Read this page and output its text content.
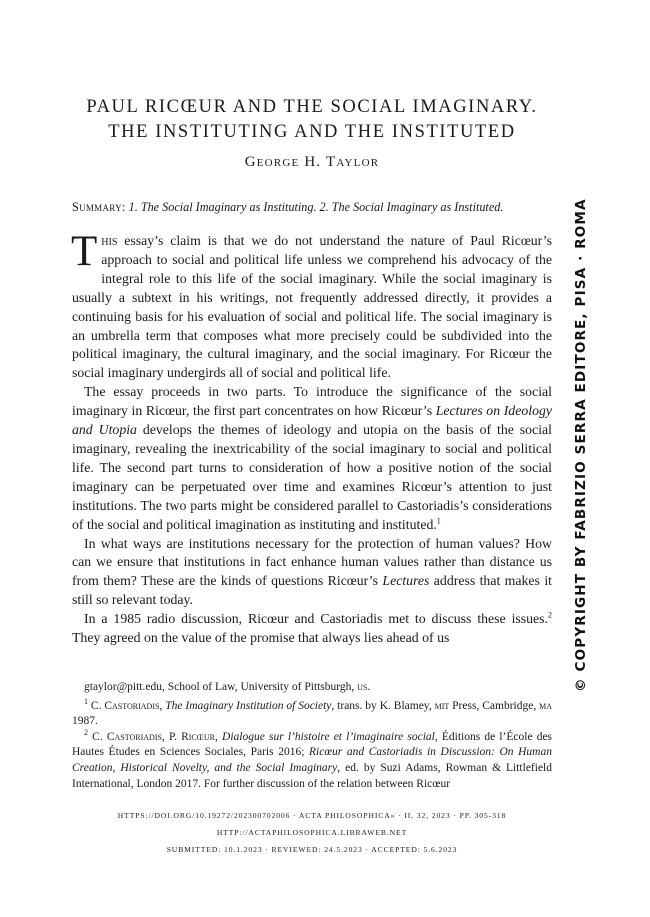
PAUL RICŒUR AND THE SOCIAL IMAGINARY.
THE INSTITUTING AND THE INSTITUTED
George H. Taylor
Summary: 1. The Social Imaginary as Instituting. 2. The Social Imaginary as Instituted.

This essay’s claim is that we do not understand the nature of Paul Ricœur’s approach to social and political life unless we comprehend his advocacy of the integral role to this life of the social imaginary. While the social imaginary is usually a subtext in his writings, not frequently addressed directly, it provides a continuing basis for his evaluation of social and political life. The social imaginary is an umbrella term that composes what more precisely could be subdivided into the political imaginary, the cultural imaginary, and the social imaginary. For Ricœur the social imaginary undergirds all of social and political life.

The essay proceeds in two parts. To introduce the significance of the social imaginary in Ricœur, the first part concentrates on how Ricœur’s Lectures on Ideology and Utopia develops the themes of ideology and utopia on the basis of the social imaginary, revealing the inextricability of the social imaginary to social and political life. The second part turns to consideration of how a positive notion of the social imaginary can be perpetuated over time and examines Ricœur’s attention to just institutions. The two parts might be considered parallel to Castoriadis’s considerations of the social and political imagination as instituting and instituted.$^1$

In what ways are institutions necessary for the protection of human values? How can we ensure that institutions in fact enhance human values rather than distance us from them? These are the kinds of questions Ricœur’s Lectures address that makes it still so relevant today.

In a 1985 radio discussion, Ricœur and Castoriadis met to discuss these issues.$^2$ They agreed on the value of the promise that always lies ahead of us

gtaylor@pitt.edu, School of Law, University of Pittsburgh, us.

$^1$ C. Castoriadis, The Imaginary Institution of Society, trans. by K. Blamey, mit Press, Cambridge, ma 1987.

$^2$ C. Castoriadis, P. Ricœur, Dialogue sur l’histoire et l’imaginaire social, Éditions de l’École des Hautes Études en Sciences Sociales, Paris 2016; Ricœur and Castoriadis in Discussion: On Human Creation, Historical Novelty, and the Social Imaginary, ed. by Suzi Adams, Rowman & Littlefield International, London 2017. For further discussion of the relation between Ricœur

HTTPS://DOI.ORG/10.19272/202300702006 · ACTA PHILOSOPHICA» · II, 32, 2023 · PP. 305-318
HTTP://ACTAPHILOSOPHICA.LIBRAWEB.NET
SUBMITTED: 10.1.2023 · REVIEWED: 24.5.2023 · ACCEPTED: 5.6.2023
© COPYRIGHT BY FABRIZIO SERRA EDITORE, PISA · ROMA
